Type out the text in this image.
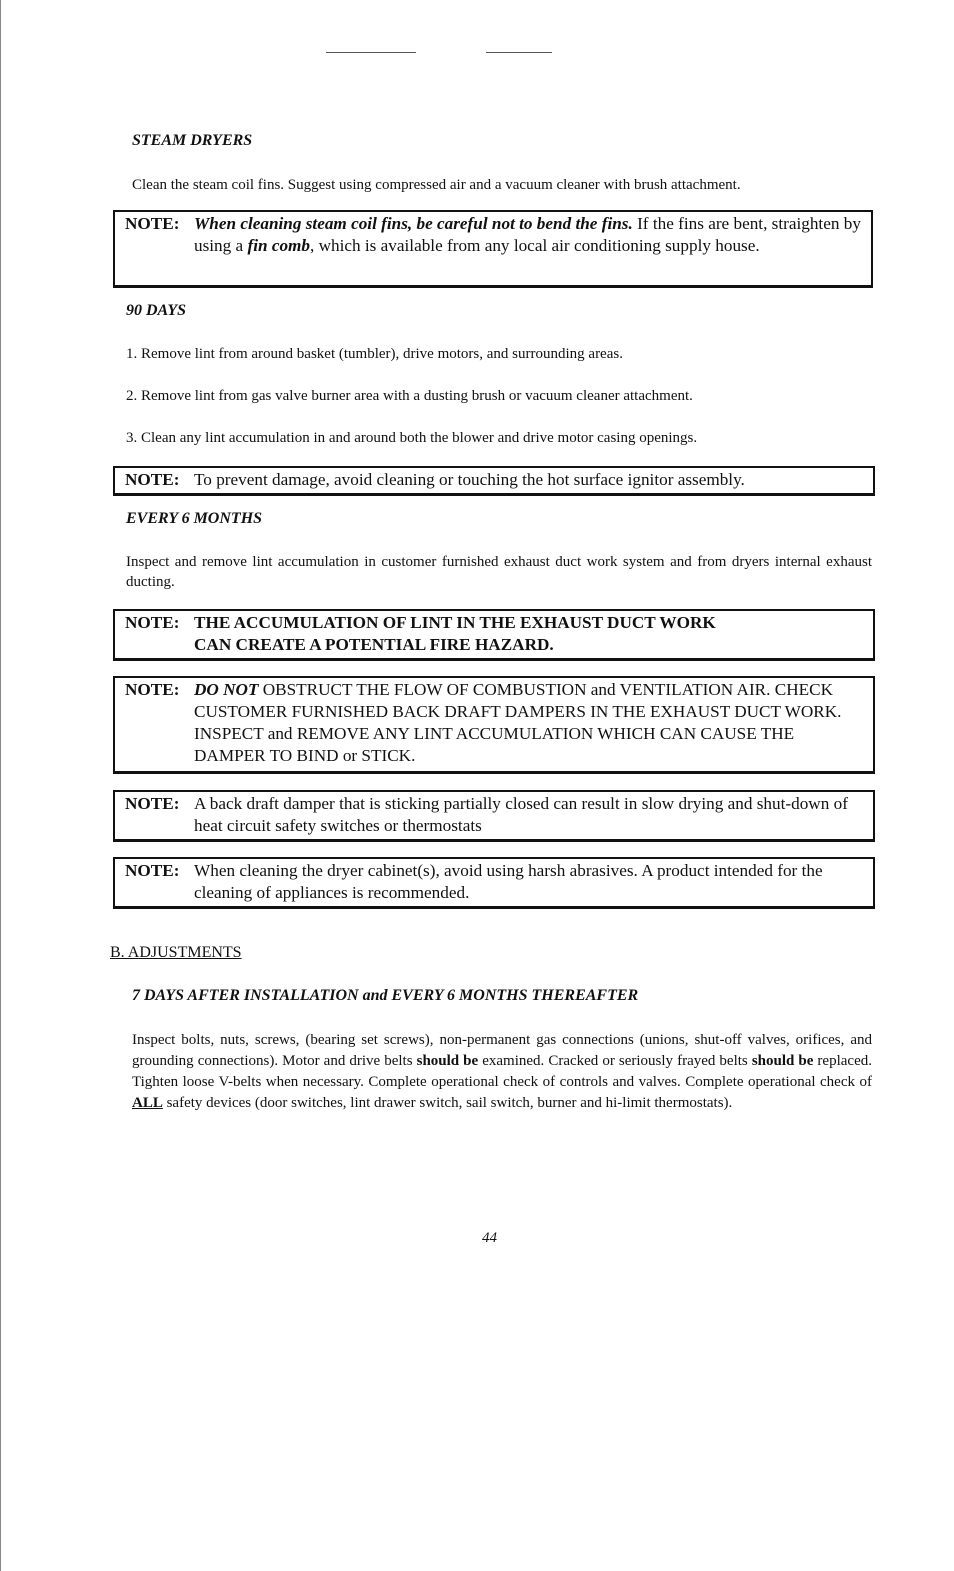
STEAM DRYERS
Clean the steam coil fins. Suggest using compressed air and a vacuum cleaner with brush attachment.
NOTE: When cleaning steam coil fins, be careful not to bend the fins. If the fins are bent, straighten by using a fin comb, which is available from any local air conditioning supply house.
90 DAYS
1. Remove lint from around basket (tumbler), drive motors, and surrounding areas.
2. Remove lint from gas valve burner area with a dusting brush or vacuum cleaner attachment.
3. Clean any lint accumulation in and around both the blower and drive motor casing openings.
NOTE: To prevent damage, avoid cleaning or touching the hot surface ignitor assembly.
EVERY 6 MONTHS
Inspect and remove lint accumulation in customer furnished exhaust duct work system and from dryers internal exhaust ducting.
NOTE: THE ACCUMULATION OF LINT IN THE EXHAUST DUCT WORK CAN CREATE A POTENTIAL FIRE HAZARD.
NOTE: DO NOT OBSTRUCT THE FLOW OF COMBUSTION and VENTILATION AIR. CHECK CUSTOMER FURNISHED BACK DRAFT DAMPERS IN THE EXHAUST DUCT WORK. INSPECT and REMOVE ANY LINT ACCUMULATION WHICH CAN CAUSE THE DAMPER TO BIND or STICK.
NOTE: A back draft damper that is sticking partially closed can result in slow drying and shut-down of heat circuit safety switches or thermostats
NOTE: When cleaning the dryer cabinet(s), avoid using harsh abrasives. A product intended for the cleaning of appliances is recommended.
B. ADJUSTMENTS
7 DAYS AFTER INSTALLATION and EVERY 6 MONTHS THEREAFTER
Inspect bolts, nuts, screws, (bearing set screws), non-permanent gas connections (unions, shut-off valves, orifices, and grounding connections). Motor and drive belts should be examined. Cracked or seriously frayed belts should be replaced. Tighten loose V-belts when necessary. Complete operational check of controls and valves. Complete operational check of ALL safety devices (door switches, lint drawer switch, sail switch, burner and hi-limit thermostats).
44
